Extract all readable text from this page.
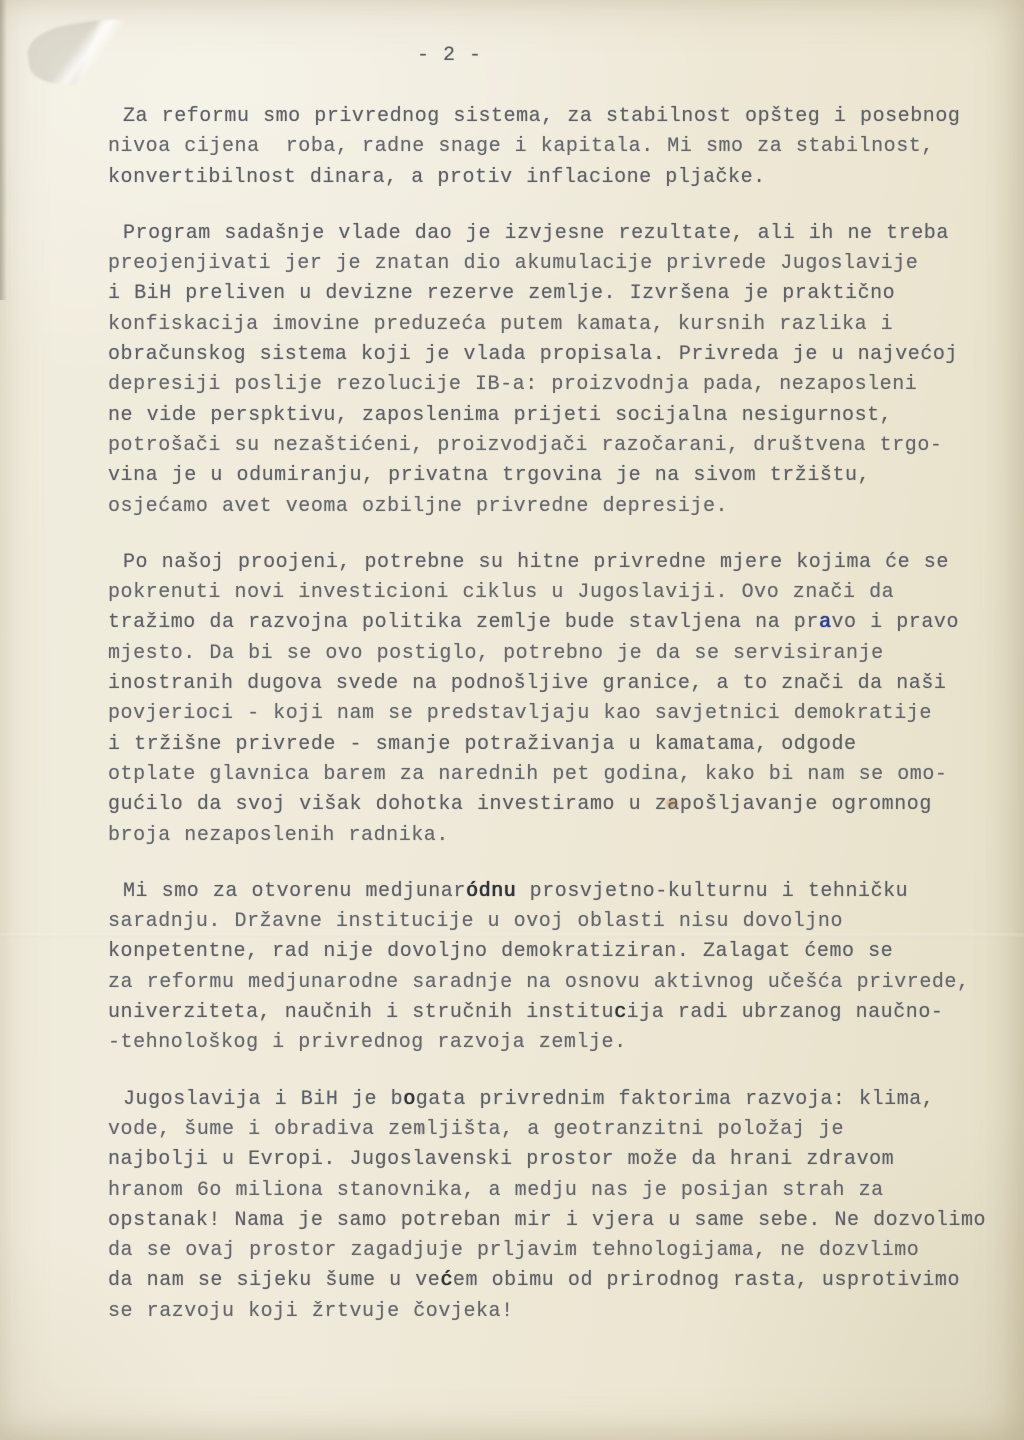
- 2 -
Za reformu smo privrednog sistema, za stabilnost opšteg i posebnog
nivoa cijena, roba, radne snage i kapitala. Mi smo za stabilnost,
konvertibilnost dinara, a protiv inflacione pljačke.
Program sadašnje vlade dao je izvjesne rezultate, ali ih ne treba
preojenjivati jer je znatan dio akumulacije privrede Jugoslavije
i BiH preliven u devizne rezerve zemlje. Izvršena je praktično
konfiskacija imovine preduzeća putem kamata, kursnih razlika i
obračunskog sistema koji je vlada propisala. Privreda je u najvećoj
depresiji poslije rezolucije IB-a: proizvodnja pada, nezaposleni
ne vide perspktivu, zaposlenima prijeti socijalna nesigurnost,
potrošači su nezaštićeni, proizvodjači razočarani, društvena trgo-
vina je u odumiranju, privatna trgovina je na sivom tržištu,
osjećamo avet veoma ozbiljne privredne depresije.
Po našoj proojeni, potrebne su hitne privredne mjere kojima će se
pokrenuti novi investicioni ciklus u Jugoslaviji. Ovo znači da
tražimo da razvojna politika zemlje bude stavljena na pravo i pravo
mjesto. Da bi se ovo postiglo, potrebno je da se servisiranje
inostranih dugova svede na podnošljive granice, a to znači da naši
povjerioci - koji nam se predstavljaju kao savjetnici demokratije
i tržišne privrede - smanje potraživanja u kamatama, odgode
otplate glavnica barem za narednih pet godina, kako bi nam se omo-
gućilo da svoj višak dohotka investiramo u zapošljavanje ogromnog
broja nezaposlenih radnika.
Mi smo za otvorenu medjunaródnu prosvjetno-kulturnu i tehničku
saradnju. Državne institucije u ovoj oblasti nisu dovoljno
konpetentne, rad nije dovoljno demokratiziran. Zalagat ćemo se
za reformu medjunarodne saradnje na osnovu aktivnog učešća privrede,
univerziteta, naučnih i stručnih institucija radi ubrzanog naučno-
-tehnološkog i privrednog razvoja zemlje.
Jugoslavija i BiH je bogata privrednim faktorima razvoja: klima,
vode, šume i obradiva zemljišta, a geotranzitni položaj je
najbolji u Evropi. Jugoslavenski prostor može da hrani zdravom
hranom 6o miliona stanovnika, a medju nas je posijan strah za
opstanak! Nama je samo potreban mir i vjera u same sebe. Ne dozvolimo
da se ovaj prostor zagadjuje prljavim tehnologijama, ne dozvlimo
da nam se sijeku šume u većem obimu od prirodnog rasta, usprotivimo
se razvoju koji žrtvuje čovjeka!
